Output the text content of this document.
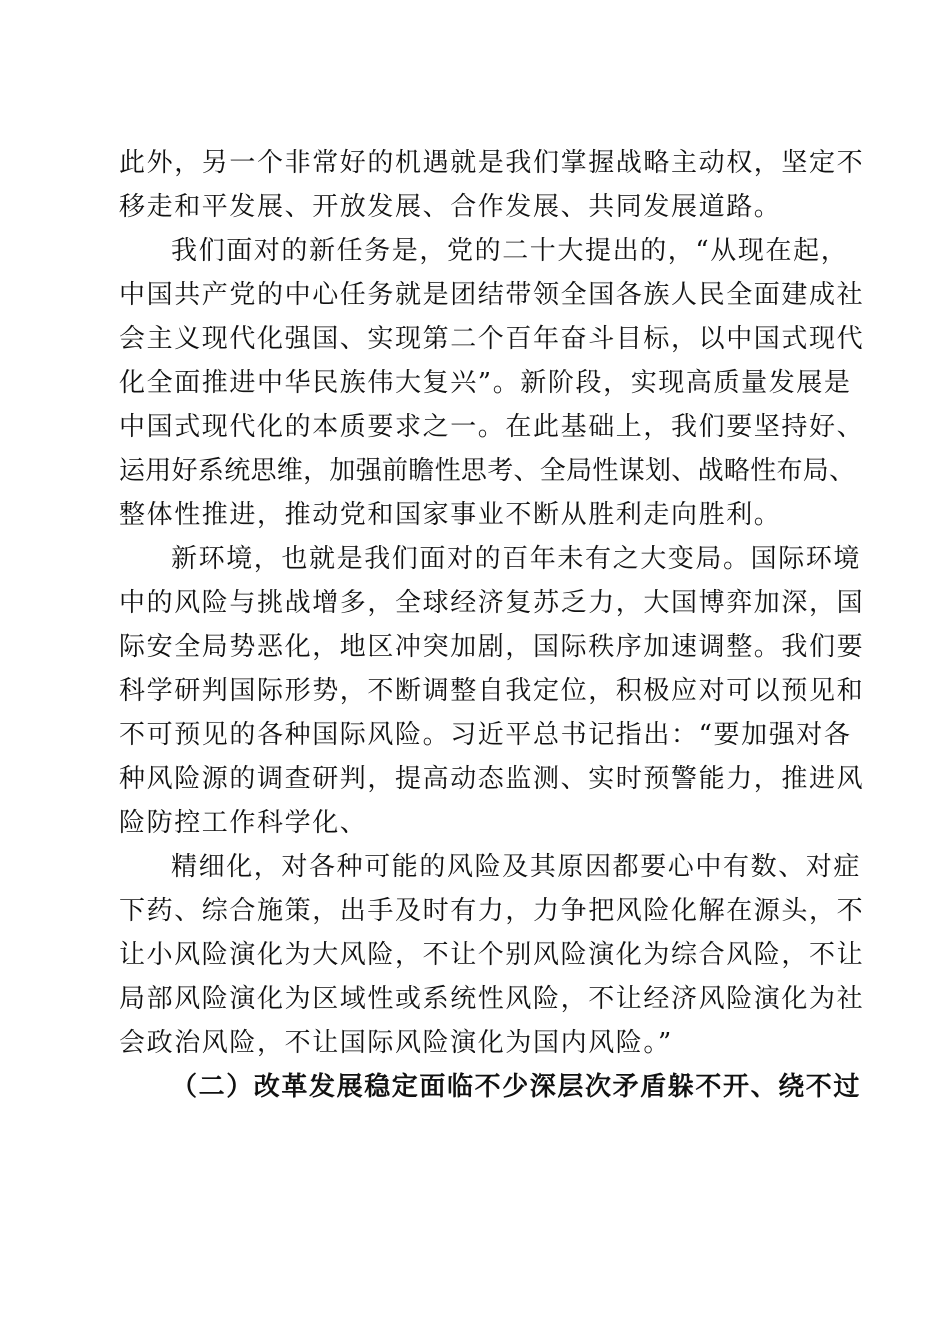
此外，另一个非常好的机遇就是我们掌握战略主动权，坚定不
移走和平发展、开放发展、合作发展、共同发展道路。
我们面对的新任务是，党的二十大提出的，“从现在起，
中国共产党的中心任务就是团结带领全国各族人民全面建成社
会主义现代化强国、实现第二个百年奋斗目标，以中国式现代
化全面推进中华民族伟大复兴”。新阶段，实现高质量发展是
中国式现代化的本质要求之一。在此基础上，我们要坚持好、
运用好系统思维，加强前瞻性思考、全局性谋划、战略性布局、
整体性推进，推动党和国家事业不断从胜利走向胜利。
新环境，也就是我们面对的百年未有之大变局。国际环境
中的风险与挑战增多，全球经济复苏乏力，大国博弈加深，国
际安全局势恶化，地区冲突加剧，国际秩序加速调整。我们要
科学研判国际形势，不断调整自我定位，积极应对可以预见和
不可预见的各种国际风险。习近平总书记指出：“要加强对各
种风险源的调查研判，提高动态监测、实时预警能力，推进风
险防控工作科学化、
精细化，对各种可能的风险及其原因都要心中有数、对症
下药、综合施策，出手及时有力，力争把风险化解在源头，不
让小风险演化为大风险，不让个别风险演化为综合风险，不让
局部风险演化为区域性或系统性风险，不让经济风险演化为社
会政治风险，不让国际风险演化为国内风险。”
（二）改革发展稳定面临不少深层次矛盾躲不开、绕不过
